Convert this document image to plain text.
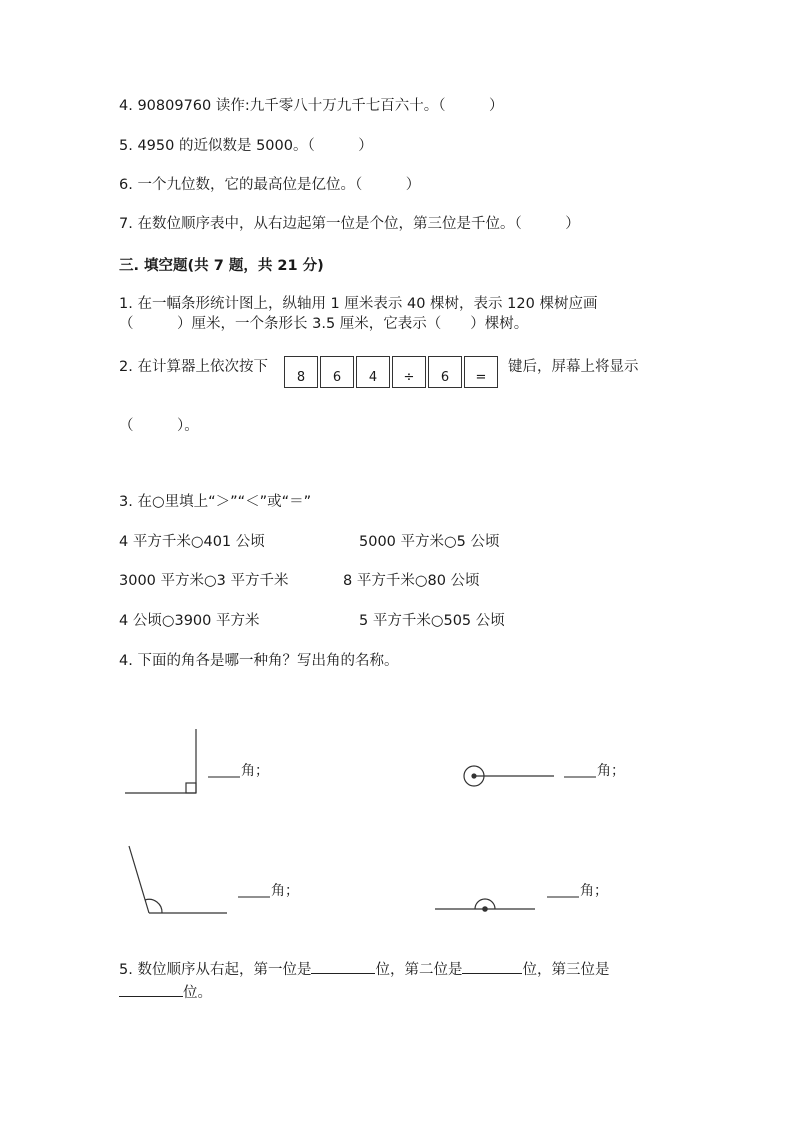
4. 90809760 读作:九千零八十万九千七百六十。（　　　）
5. 4950 的近似数是 5000。（　　　）
6. 一个九位数，它的最高位是亿位。（　　　）
7. 在数位顺序表中，从右边起第一位是个位，第三位是千位。（　　　）
三. 填空题(共 7 题，共 21 分)
1. 在一幅条形统计图上，纵轴用 1 厘米表示 40 棵树，表示 120 棵树应画
（　　　）厘米，一个条形长 3.5 厘米，它表示（　　）棵树。
2. 在计算器上依次按下
8	6	4	÷	6	=
键后，屏幕上将显示
（　　　）。
3. 在○里填上“＞”“＜”或“＝”
4 平方千米○401 公顷	5000 平方米○5 公顷
3000 平方米○3 平方千米	8 平方千米○80 公顷
4 公顷○3900 平方米	5 平方千米○505 公顷
4. 下面的角各是哪一种角？写出角的名称。
角；	角；
角；	角；
5. 数位顺序从右起，第一位是	位，第二位是	位，第三位是
位。
